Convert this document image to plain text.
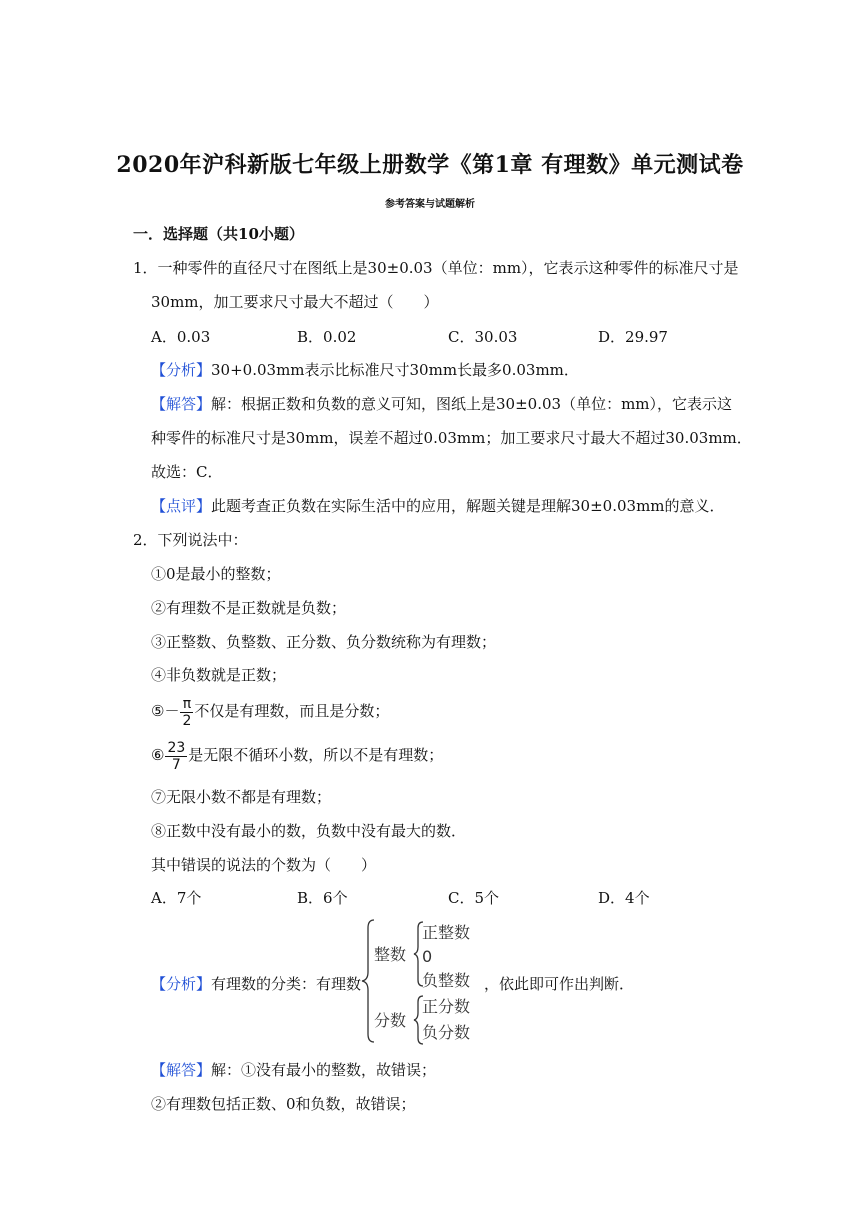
2020年沪科新版七年级上册数学《第1章 有理数》单元测试卷
参考答案与试题解析
一．选择题（共10小题）
1．一种零件的直径尺寸在图纸上是30±0.03（单位：mm），它表示这种零件的标准尺寸是
30mm，加工要求尺寸最大不超过（　　）
A．0.03	B．0.02	C．30.03	D．29.97
【分析】30+0.03mm表示比标准尺寸30mm长最多0.03mm．
【解答】解：根据正数和负数的意义可知，图纸上是30±0.03（单位：mm），它表示这
种零件的标准尺寸是30mm，误差不超过0.03mm；加工要求尺寸最大不超过30.03mm．
故选：C．
【点评】此题考查正负数在实际生活中的应用，解题关键是理解30±0.03mm的意义．
2．下列说法中：
①0是最小的整数；
②有理数不是正数就是负数；
③正整数、负整数、正分数、负分数统称为有理数；
④非负数就是正数；
⑤－ $\frac{\pi}{2}$ 不仅是有理数，而且是分数；
⑥ $\frac{23}{7}$ 是无限不循环小数，所以不是有理数；
⑦无限小数不都是有理数；
⑧正数中没有最小的数，负数中没有最大的数．
其中错误的说法的个数为（　　）
A．7个	B．6个	C．5个	D．4个
【分析】有理数的分类：有理数
整数
正整数
0
负整数
分数
正分数
负分数
，依此即可作出判断．
【解答】解：①没有最小的整数，故错误；
②有理数包括正数、0和负数，故错误；
